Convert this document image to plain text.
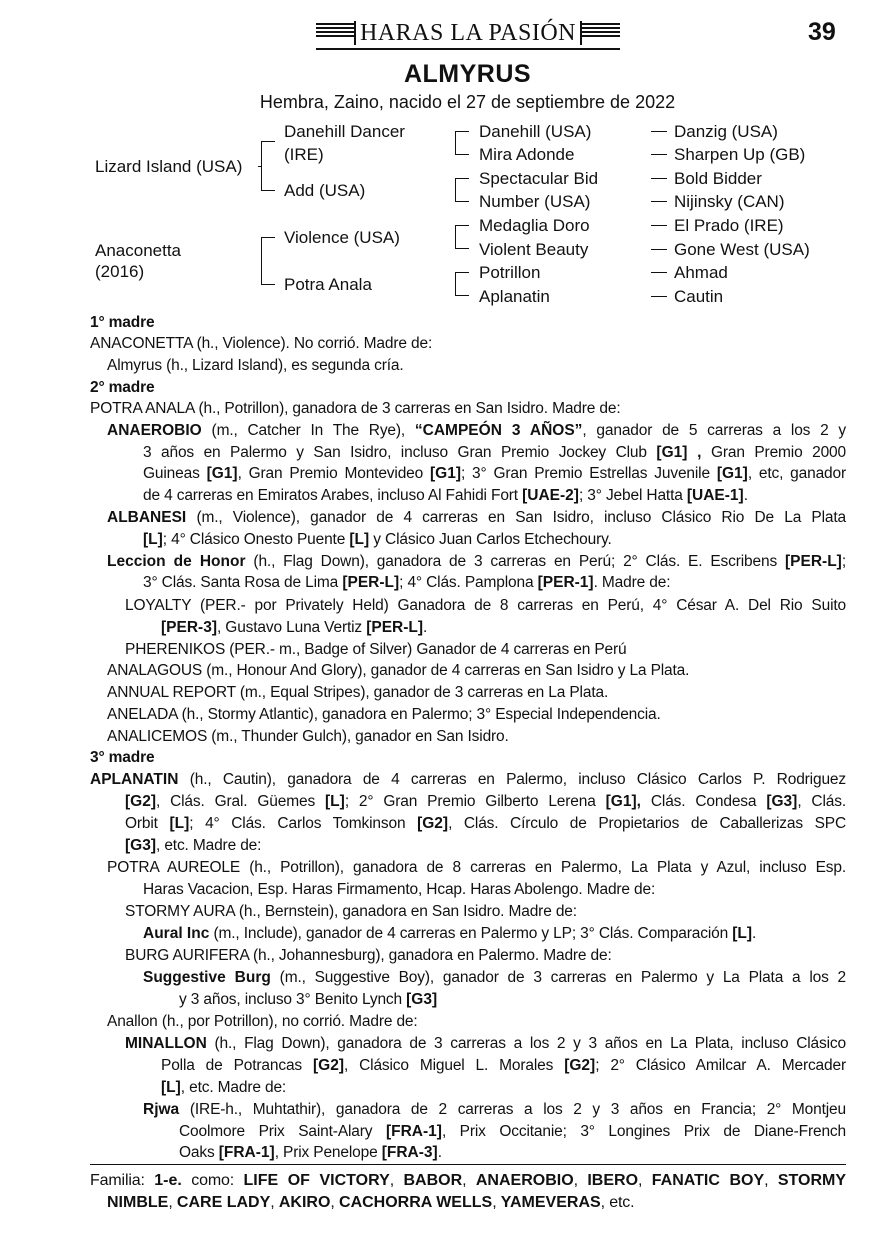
HARAS LA PASIÓN	39
ALMYRUS
Hembra, Zaino, nacido el 27 de septiembre de 2022
Lizard Island (USA)
Anaconetta
(2016)
Danehill Dancer
(IRE)
Add (USA)
Violence (USA)
Potra Anala
Danehill (USA)
Mira Adonde
Spectacular Bid
Number (USA)
Medaglia Doro
Violent Beauty
Potrillon
Aplanatin
Danzig (USA)
Sharpen Up (GB)
Bold Bidder
Nijinsky (CAN)
El Prado (IRE)
Gone West (USA)
Ahmad
Cautin
1° madre
ANACONETTA (h., Violence). No corrió. Madre de:
Almyrus (h., Lizard Island), es segunda cría.
2° madre
POTRA ANALA (h., Potrillon), ganadora de 3 carreras en San Isidro. Madre de:
ANAEROBIO (m., Catcher In The Rye), “CAMPEÓN 3 AÑOS”, ganador de 5 carreras a los 2 y
3 años en Palermo y San Isidro, incluso Gran Premio Jockey Club [G1] , Gran Premio 2000
Guineas [G1], Gran Premio Montevideo [G1]; 3° Gran Premio Estrellas Juvenile [G1], etc, ganador
de 4 carreras en Emiratos Arabes, incluso Al Fahidi Fort [UAE-2]; 3° Jebel Hatta [UAE-1].
ALBANESI (m., Violence), ganador de 4 carreras en San Isidro, incluso Clásico Rio De La Plata
[L]; 4° Clásico Onesto Puente [L] y Clásico Juan Carlos Etchechoury.
Leccion de Honor (h., Flag Down), ganadora de 3 carreras en Perú; 2° Clás. E. Escribens [PER-L];
3° Clás. Santa Rosa de Lima [PER-L]; 4° Clás. Pamplona [PER-1]. Madre de:
LOYALTY (PER.- por Privately Held) Ganadora de 8 carreras en Perú, 4° César A. Del Rio Suito
[PER-3], Gustavo Luna Vertiz [PER-L].
PHERENIKOS (PER.- m., Badge of Silver) Ganador de 4 carreras en Perú
ANALAGOUS (m., Honour And Glory), ganador de 4 carreras en San Isidro y La Plata.
ANNUAL REPORT (m., Equal Stripes), ganador de 3 carreras en La Plata.
ANELADA (h., Stormy Atlantic), ganadora en Palermo; 3° Especial Independencia.
ANALICEMOS (m., Thunder Gulch), ganador en San Isidro.
3° madre
APLANATIN (h., Cautin), ganadora de 4 carreras en Palermo, incluso Clásico Carlos P. Rodriguez
[G2], Clás. Gral. Güemes [L]; 2° Gran Premio Gilberto Lerena [G1], Clás. Condesa [G3], Clás.
Orbit [L]; 4° Clás. Carlos Tomkinson [G2], Clás. Círculo de Propietarios de Caballerizas SPC
[G3], etc. Madre de:
POTRA AUREOLE (h., Potrillon), ganadora de 8 carreras en Palermo, La Plata y Azul, incluso Esp.
Haras Vacacion, Esp. Haras Firmamento, Hcap. Haras Abolengo. Madre de:
STORMY AURA (h., Bernstein), ganadora en San Isidro. Madre de:
Aural Inc (m., Include), ganador de 4 carreras en Palermo y LP; 3° Clás. Comparación [L].
BURG AURIFERA (h., Johannesburg), ganadora en Palermo. Madre de:
Suggestive Burg (m., Suggestive Boy), ganador de 3 carreras en Palermo y La Plata a los 2
y 3 años, incluso 3° Benito Lynch [G3]
Anallon (h., por Potrillon), no corrió. Madre de:
MINALLON (h., Flag Down), ganadora de 3 carreras a los 2 y 3 años en La Plata, incluso Clásico
Polla de Potrancas [G2], Clásico Miguel L. Morales [G2]; 2° Clásico Amilcar A. Mercader
[L], etc. Madre de:
Rjwa (IRE-h., Muhtathir), ganadora de 2 carreras a los 2 y 3 años en Francia; 2° Montjeu
Coolmore Prix Saint-Alary [FRA-1], Prix Occitanie; 3° Longines Prix de Diane-French
Oaks [FRA-1], Prix Penelope [FRA-3].
Familia: 1-e. como: LIFE OF VICTORY, BABOR, ANAEROBIO, IBERO, FANATIC BOY, STORMY
NIMBLE, CARE LADY, AKIRO, CACHORRA WELLS, YAMEVERAS, etc.
